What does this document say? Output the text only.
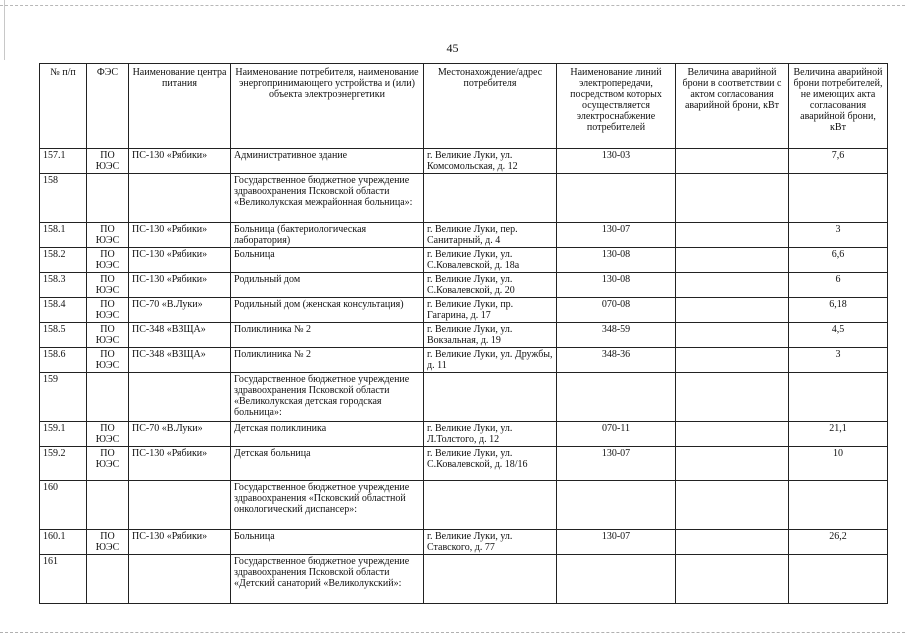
45
№ п/п	ФЭС	Наименование центра питания	Наименование потребителя, наименование энергопринимающего устройства и (или) объекта электроэнергетики	Местонахождение/адрес потребителя	Наименование линий электропередачи, посредством которых осуществляется электроснабжение потребителей	Величина аварийной брони в соответствии с актом согласования аварийной брони, кВт	Величина аварийной брони потребителей, не имеющих акта согласования аварийной брони, кВт
157.1	ПО ЮЭС	ПС-130 «Рябики»	Административное здание	г. Великие Луки, ул. Комсомольская, д. 12	130-03		7,6
158			Государственное бюджетное учреждение здравоохранения Псковской области «Великолукская межрайонная больница»:				
158.1	ПО ЮЭС	ПС-130 «Рябики»	Больница (бактериологическая лаборатория)	г. Великие Луки, пер. Санитарный, д. 4	130-07		3
158.2	ПО ЮЭС	ПС-130 «Рябики»	Больница	г. Великие Луки, ул. С.Ковалевской, д. 18а	130-08		6,6
158.3	ПО ЮЭС	ПС-130 «Рябики»	Родильный дом	г. Великие Луки, ул. С.Ковалевской, д. 20	130-08		6
158.4	ПО ЮЭС	ПС-70 «В.Луки»	Родильный дом (женская консультация)	г. Великие Луки, пр. Гагарина, д. 17	070-08		6,18
158.5	ПО ЮЭС	ПС-348 «ВЗЩА»	Поликлиника № 2	г. Великие Луки, ул. Вокзальная, д. 19	348-59		4,5
158.6	ПО ЮЭС	ПС-348 «ВЗЩА»	Поликлиника № 2	г. Великие Луки, ул. Дружбы, д. 11	348-36		3
159			Государственное бюджетное учреждение здравоохранения Псковской области «Великолукская детская городская больница»:				
159.1	ПО ЮЭС	ПС-70 «В.Луки»	Детская поликлиника	г. Великие Луки, ул. Л.Толстого, д. 12	070-11		21,1
159.2	ПО ЮЭС	ПС-130 «Рябики»	Детская больница	г. Великие Луки, ул. С.Ковалевской, д. 18/16	130-07		10
160			Государственное бюджетное учреждение здравоохранения «Псковский областной онкологический диспансер»:				
160.1	ПО ЮЭС	ПС-130 «Рябики»	Больница	г. Великие Луки, ул. Ставского, д. 77	130-07		26,2
161			Государственное бюджетное учреждение здравоохранения Псковской области «Детский санаторий «Великолукский»:				
